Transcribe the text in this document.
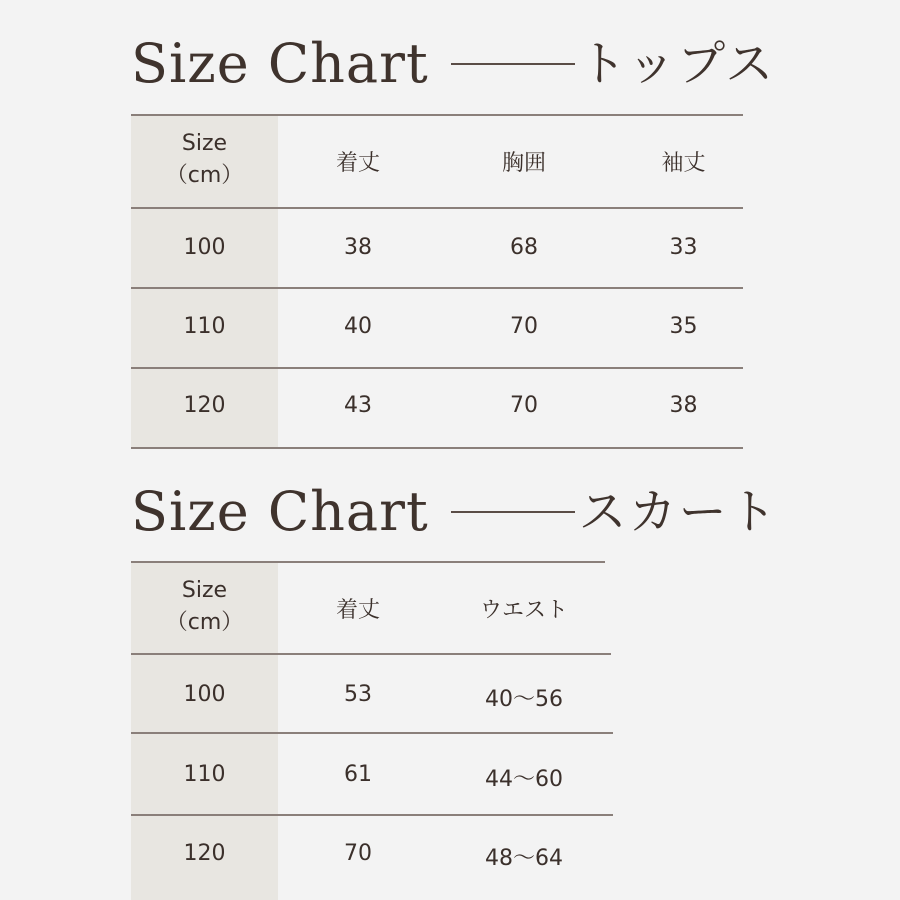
Size Chart	トップス
Size
（cm）	着丈	胸囲	袖丈
100	38	68	33
110	40	70	35
120	43	70	38
Size Chart	スカート
Size
（cm）	着丈	ウエスト
100	53	40〜56
110	61	44〜60
120	70	48〜64
